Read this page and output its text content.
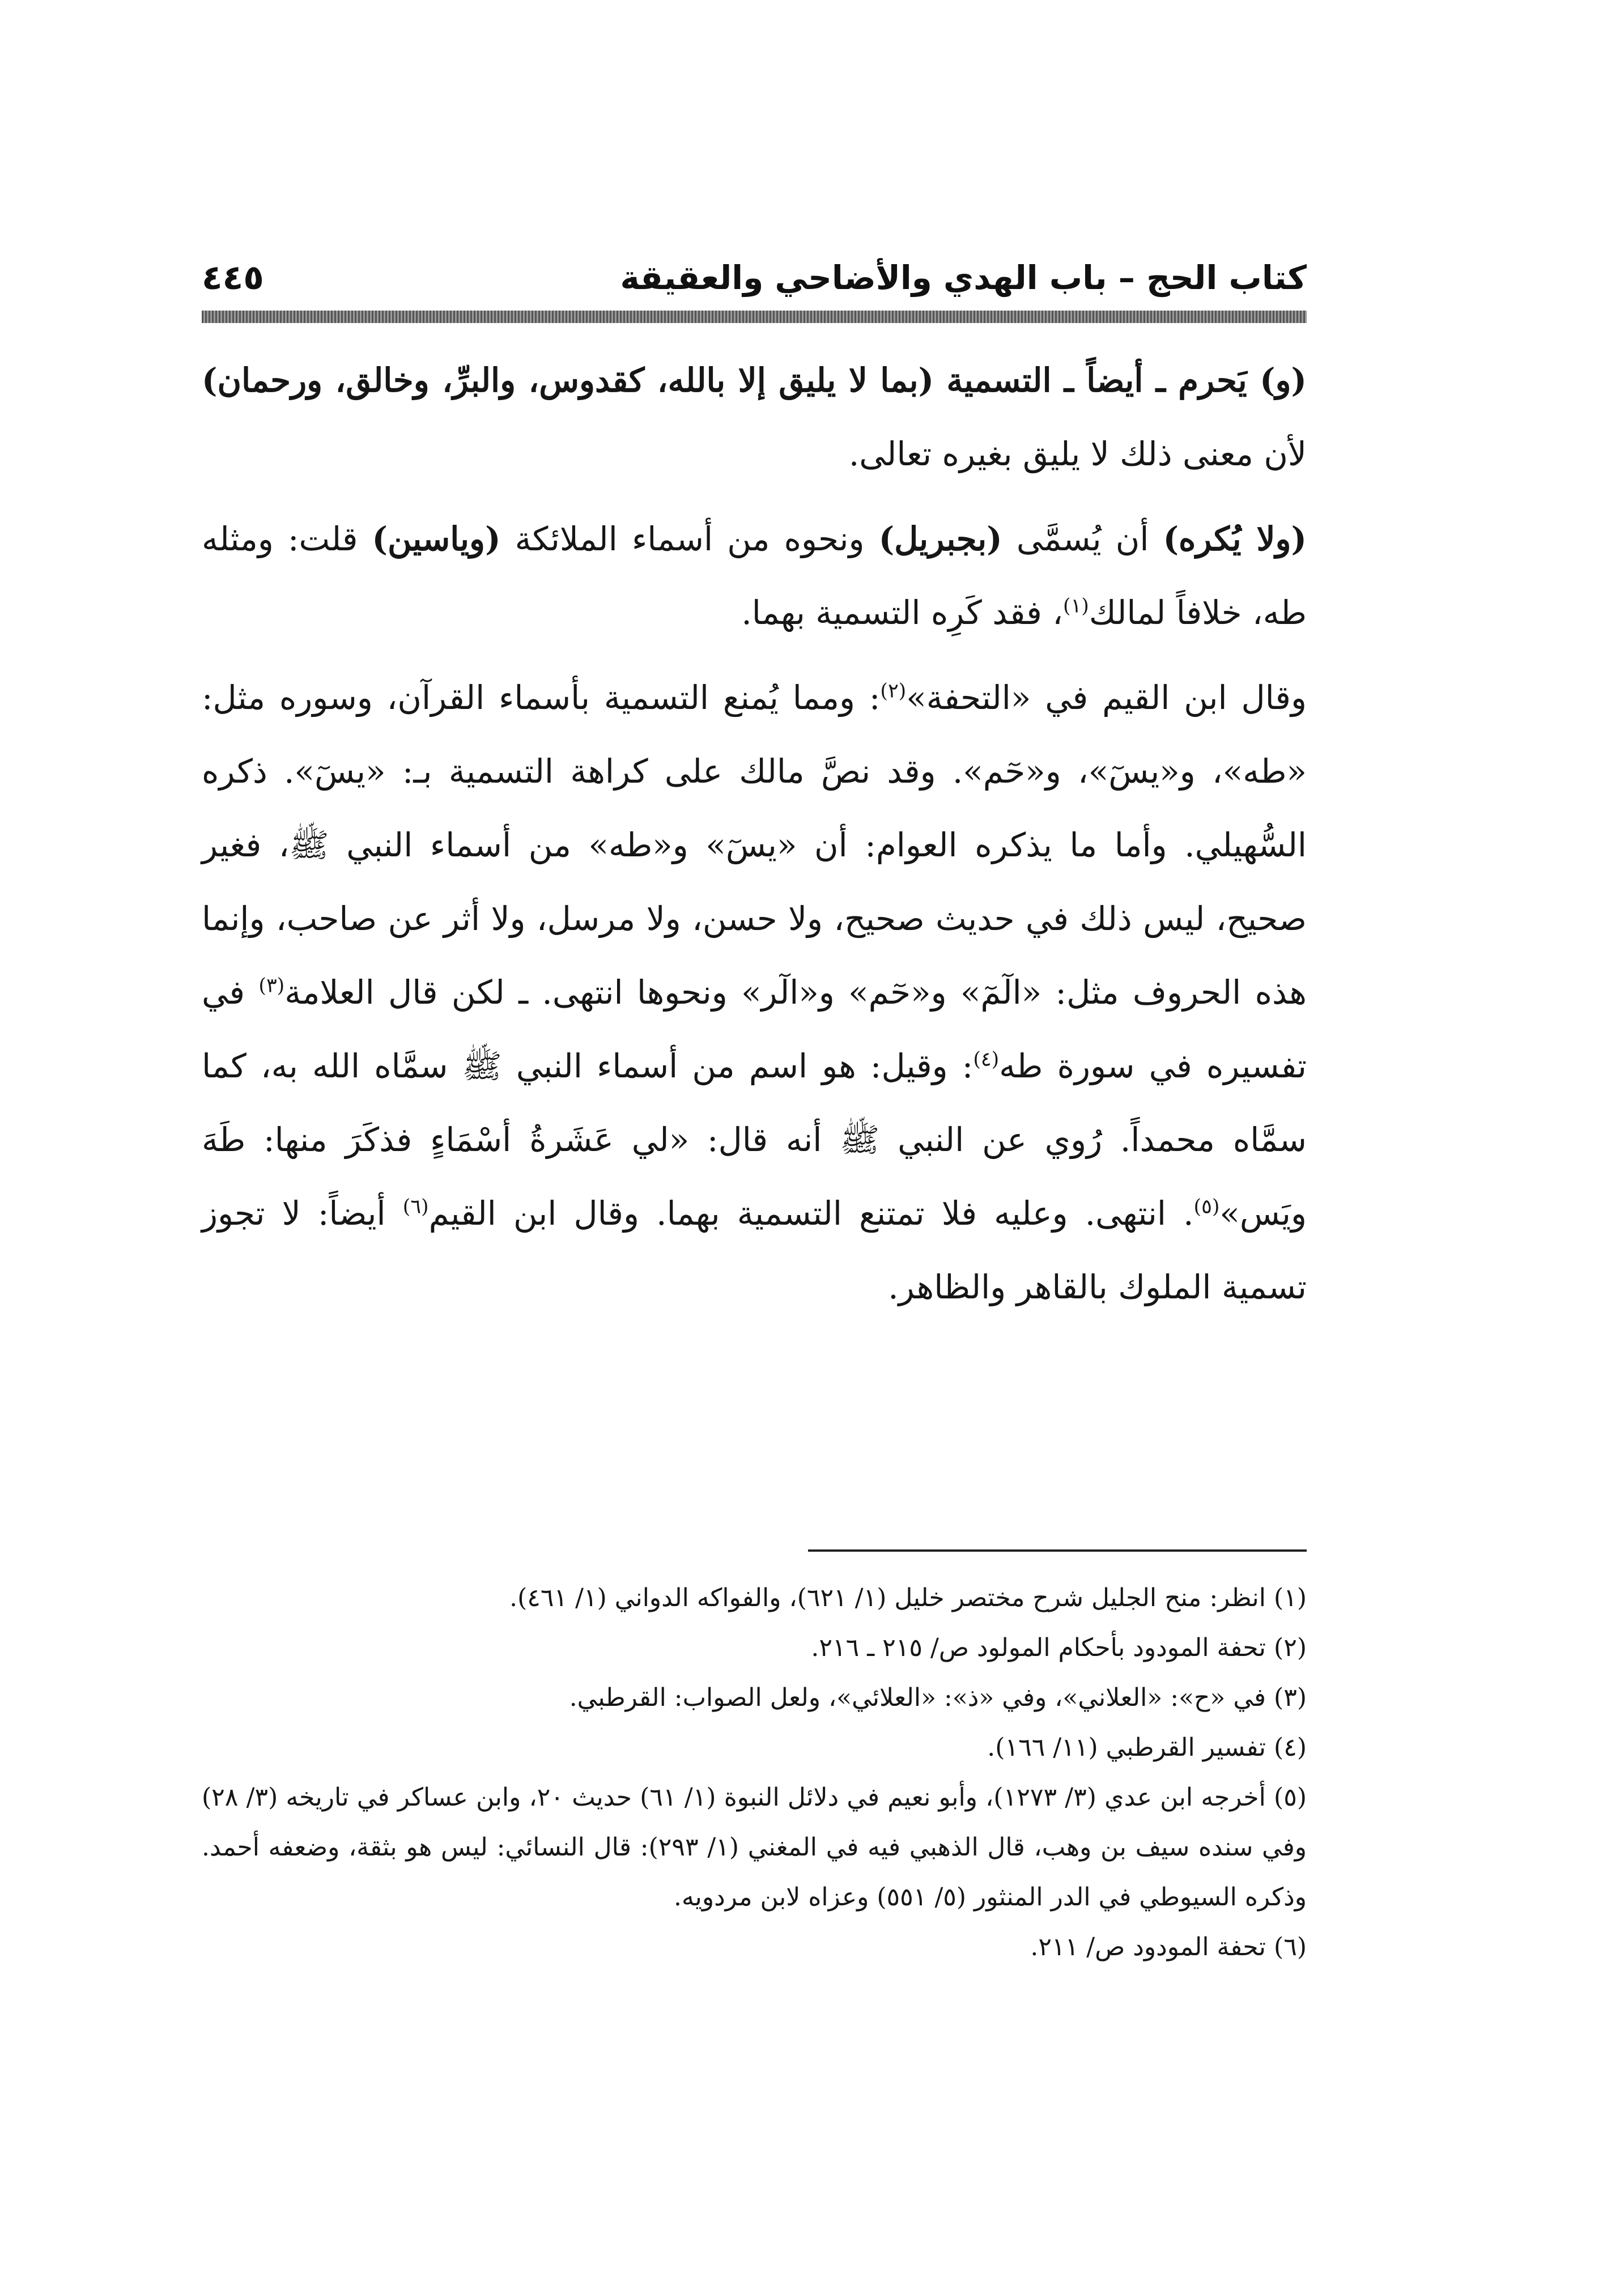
كتاب الحج – باب الهدي والأضاحي والعقيقة
٤٤٥

(و) يَحرم ـ أيضاً ـ التسمية (بما لا يليق إلا بالله، كقدوس، والبرِّ، وخالق، ورحمان) لأن معنى ذلك لا يليق بغيره تعالى.

(ولا يُكره) أن يُسمَّى (بجبريل) ونحوه من أسماء الملائكة (وياسين) قلت: ومثله طه، خلافاً لمالك$^{(١)}$، فقد كَرِه التسمية بهما.

وقال ابن القيم في «التحفة»$^{(٢)}$: ومما يُمنع التسمية بأسماء القرآن، وسوره مثل: «طه»، و«يسٓ»، و«حٓم». وقد نصَّ مالك على كراهة التسمية بـ: «يسٓ». ذكره السُّهيلي. وأما ما يذكره العوام: أن «يسٓ» و«طه» من أسماء النبي ﷺ، فغير صحيح، ليس ذلك في حديث صحيح، ولا حسن، ولا مرسل، ولا أثر عن صاحب، وإنما هذه الحروف مثل: «الٓمٓ» و«حٓم» و«الٓر» ونحوها انتهى. ـ لكن قال العلامة$^{(٣)}$ في تفسيره في سورة طه$^{(٤)}$: وقيل: هو اسم من أسماء النبي ﷺ سمَّاه الله به، كما سمَّاه محمداً. رُوي عن النبي ﷺ أنه قال: «لي عَشَرةُ أسْمَاءٍ فذكَرَ منها: طَهَ ويَس»$^{(٥)}$. انتهى. وعليه فلا تمتنع التسمية بهما. وقال ابن القيم$^{(٦)}$ أيضاً: لا تجوز تسمية الملوك بالقاهر والظاهر.

(١) انظر: منح الجليل شرح مختصر خليل (١/ ٦٢١)، والفواكه الدواني (١/ ٤٦١).

(٢) تحفة المودود بأحكام المولود ص/ ٢١٥ ـ ٢١٦.

(٣) في «ح»: «العلاني»، وفي «ذ»: «العلائي»، ولعل الصواب: القرطبي.

(٤) تفسير القرطبي (١١/ ١٦٦).

(٥) أخرجه ابن عدي (٣/ ١٢٧٣)، وأبو نعيم في دلائل النبوة (١/ ٦١) حديث ٢٠، وابن عساكر في تاريخه (٣/ ٢٨) وفي سنده سيف بن وهب، قال الذهبي فيه في المغني (١/ ٢٩٣): قال النسائي: ليس هو بثقة، وضعفه أحمد. وذكره السيوطي في الدر المنثور (٥/ ٥٥١) وعزاه لابن مردويه.

(٦) تحفة المودود ص/ ٢١١.
